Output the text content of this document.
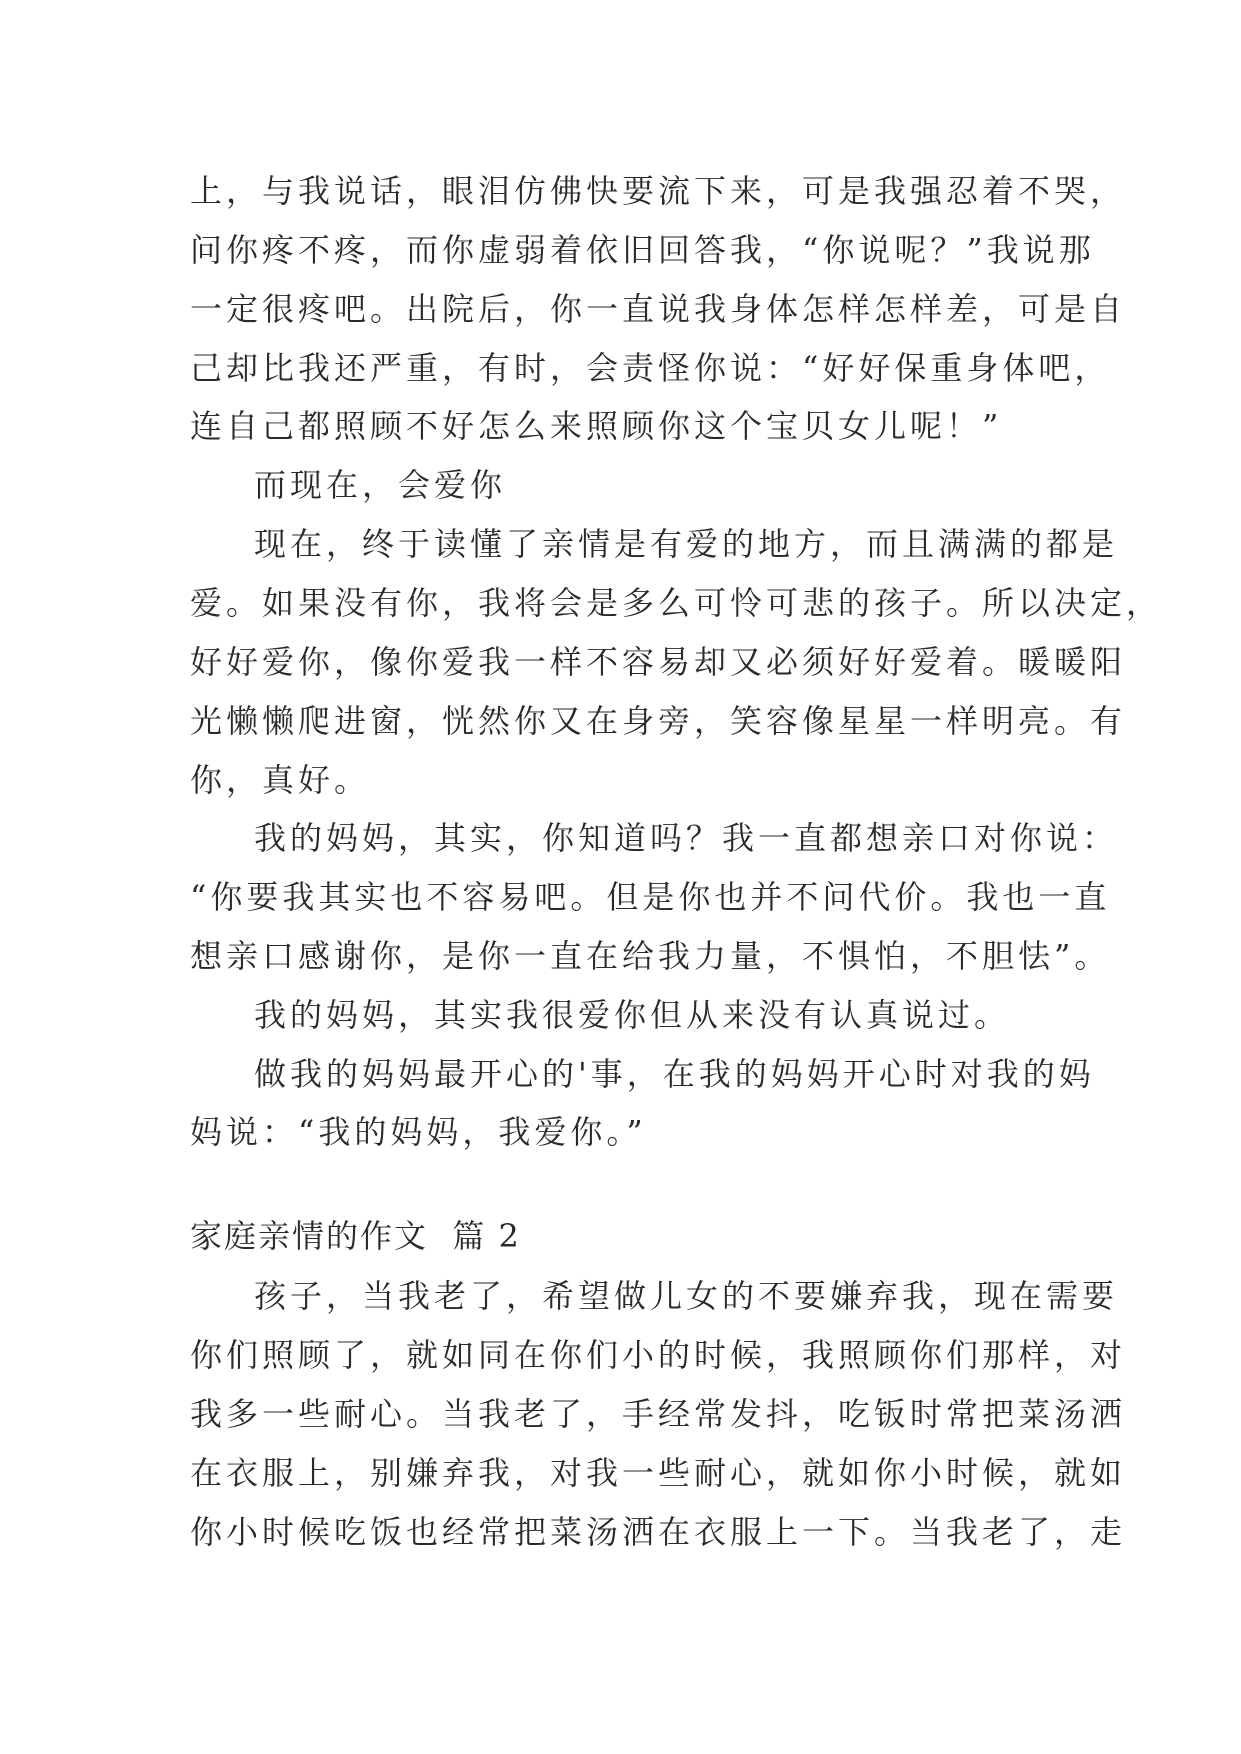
上，与我说话，眼泪仿佛快要流下来，可是我强忍着不哭，
问你疼不疼，而你虚弱着依旧回答我，“你说呢？”我说那
一定很疼吧。出院后，你一直说我身体怎样怎样差，可是自
己却比我还严重，有时，会责怪你说：“好好保重身体吧，
连自己都照顾不好怎么来照顾你这个宝贝女儿呢！”
而现在，会爱你
现在，终于读懂了亲情是有爱的地方，而且满满的都是
爱。如果没有你，我将会是多么可怜可悲的孩子。所以决定，
好好爱你，像你爱我一样不容易却又必须好好爱着。暖暖阳
光懒懒爬进窗，恍然你又在身旁，笑容像星星一样明亮。有
你，真好。
我的妈妈，其实，你知道吗？我一直都想亲口对你说：
“你要我其实也不容易吧。但是你也并不问代价。我也一直
想亲口感谢你，是你一直在给我力量，不惧怕，不胆怯”。
我的妈妈，其实我很爱你但从来没有认真说过。
做我的妈妈最开心的'事，在我的妈妈开心时对我的妈
妈说：“我的妈妈，我爱你。”
家庭亲情的作文  篇 2
孩子，当我老了，希望做儿女的不要嫌弃我，现在需要
你们照顾了，就如同在你们小的时候，我照顾你们那样，对
我多一些耐心。当我老了，手经常发抖，吃钣时常把菜汤洒
在衣服上，别嫌弃我，对我一些耐心，就如你小时候，就如
你小时候吃饭也经常把菜汤洒在衣服上一下。当我老了，走
